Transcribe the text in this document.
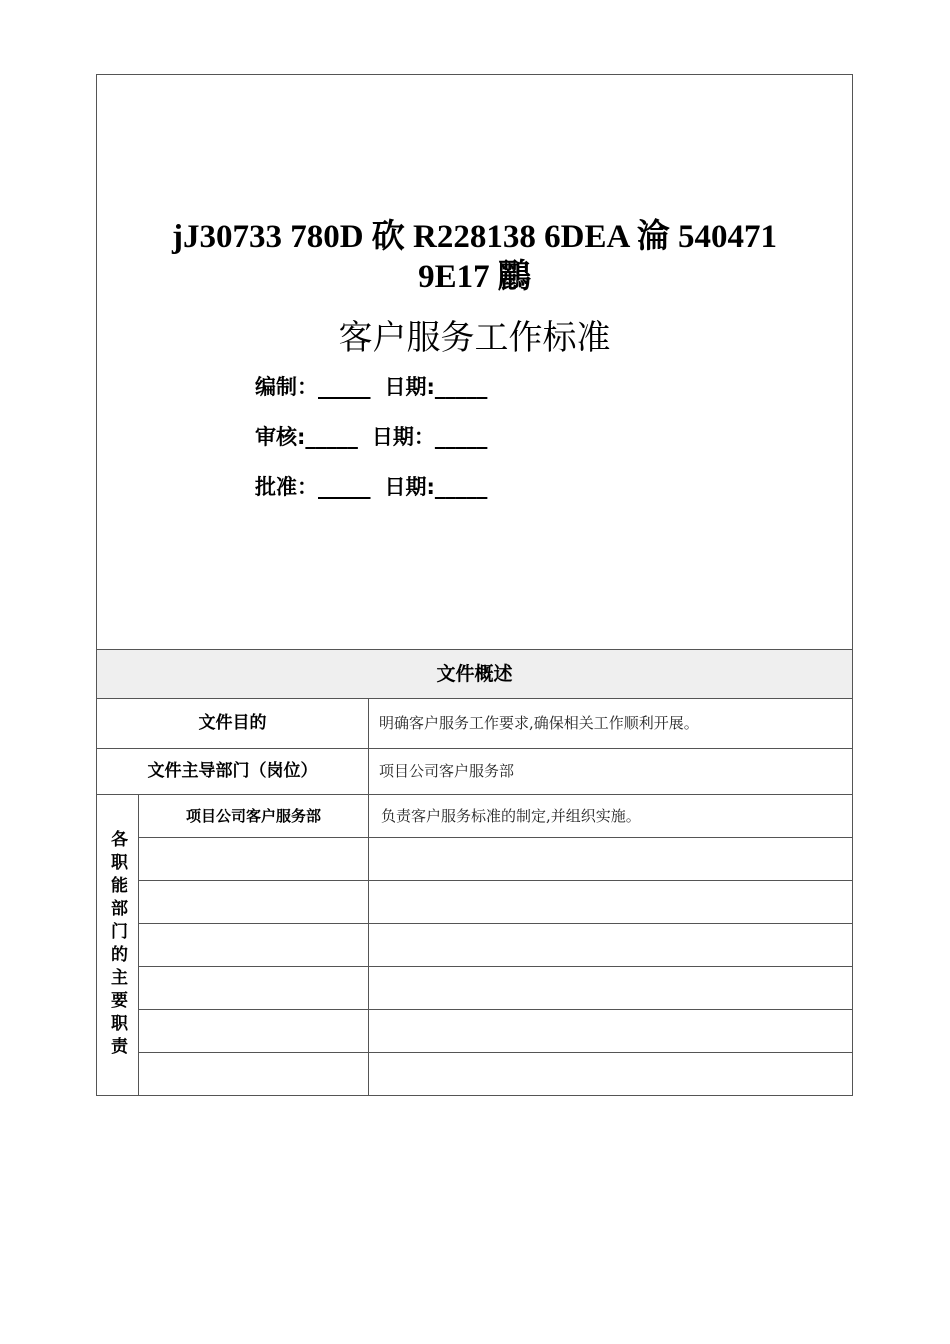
jJ30733 780D 砍 R228138 6DEA 淪 540471
9E17 鸝
客户服务工作标准
编制：_____ 日期:_____
审核:_____ 日期：_____
批准：_____ 日期:_____
文件概述
文件目的	明确客户服务工作要求,确保相关工作顺利开展。
文件主导部门（岗位）	项目公司客户服务部
各职能部门的主要职责
项目公司客户服务部	负责客户服务标准的制定,并组织实施。
